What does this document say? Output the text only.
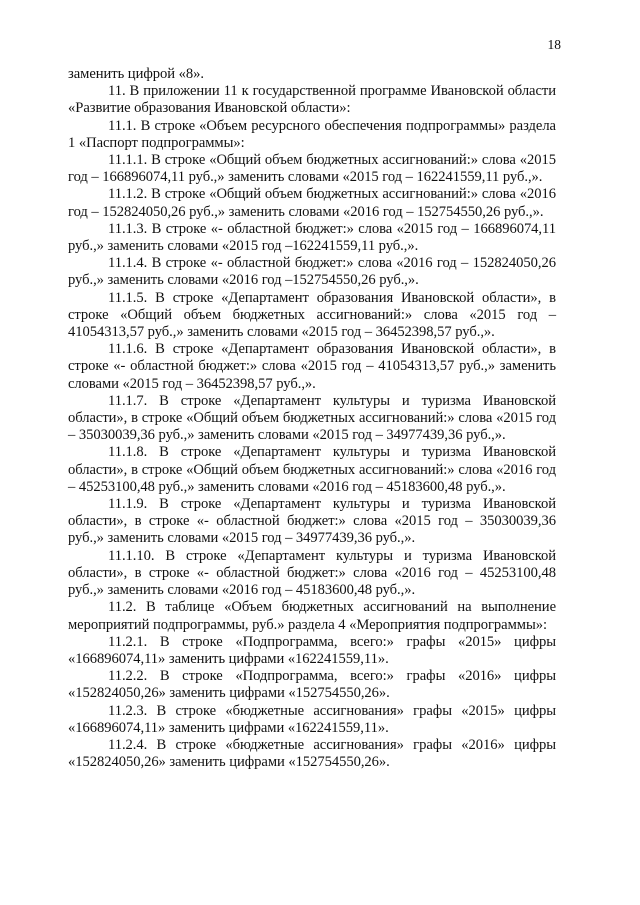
18

заменить цифрой «8».

11. В приложении 11 к государственной программе Ивановской области «Развитие образования Ивановской области»:

11.1. В строке «Объем ресурсного обеспечения подпрограммы» раздела 1 «Паспорт подпрограммы»:

11.1.1. В строке «Общий объем бюджетных ассигнований:» слова «2015 год – 166896074,11 руб.,» заменить словами «2015 год – 162241559,11 руб.,».

11.1.2. В строке «Общий объем бюджетных ассигнований:» слова «2016 год – 152824050,26 руб.,» заменить словами «2016 год – 152754550,26 руб.,».

11.1.3. В строке «- областной бюджет:» слова «2015 год – 166896074,11 руб.,» заменить словами «2015 год –162241559,11 руб.,».

11.1.4. В строке «- областной бюджет:» слова «2016 год – 152824050,26 руб.,» заменить словами «2016 год –152754550,26 руб.,».

11.1.5. В строке «Департамент образования Ивановской области», в строке «Общий объем бюджетных ассигнований:» слова «2015 год – 41054313,57 руб.,» заменить словами «2015 год – 36452398,57 руб.,».

11.1.6. В строке «Департамент образования Ивановской области», в строке «- областной бюджет:» слова «2015 год – 41054313,57 руб.,» заменить словами «2015 год – 36452398,57 руб.,».

11.1.7. В строке «Департамент культуры и туризма Ивановской области», в строке «Общий объем бюджетных ассигнований:» слова «2015 год – 35030039,36 руб.,» заменить словами «2015 год – 34977439,36 руб.,».

11.1.8. В строке «Департамент культуры и туризма Ивановской области», в строке «Общий объем бюджетных ассигнований:» слова «2016 год – 45253100,48 руб.,» заменить словами «2016 год – 45183600,48 руб.,».

11.1.9. В строке «Департамент культуры и туризма Ивановской области», в строке «- областной бюджет:» слова «2015 год – 35030039,36 руб.,» заменить словами «2015 год – 34977439,36 руб.,».

11.1.10. В строке «Департамент культуры и туризма Ивановской области», в строке «- областной бюджет:» слова «2016 год – 45253100,48 руб.,» заменить словами «2016 год – 45183600,48 руб.,».

11.2. В таблице «Объем бюджетных ассигнований на выполнение мероприятий подпрограммы, руб.» раздела 4 «Мероприятия подпрограммы»:

11.2.1. В строке «Подпрограмма, всего:» графы «2015» цифры «166896074,11» заменить цифрами «162241559,11».

11.2.2. В строке «Подпрограмма, всего:» графы «2016» цифры «152824050,26» заменить цифрами «152754550,26».

11.2.3. В строке «бюджетные ассигнования» графы «2015» цифры «166896074,11» заменить цифрами «162241559,11».

11.2.4. В строке «бюджетные ассигнования» графы «2016» цифры «152824050,26» заменить цифрами «152754550,26».
